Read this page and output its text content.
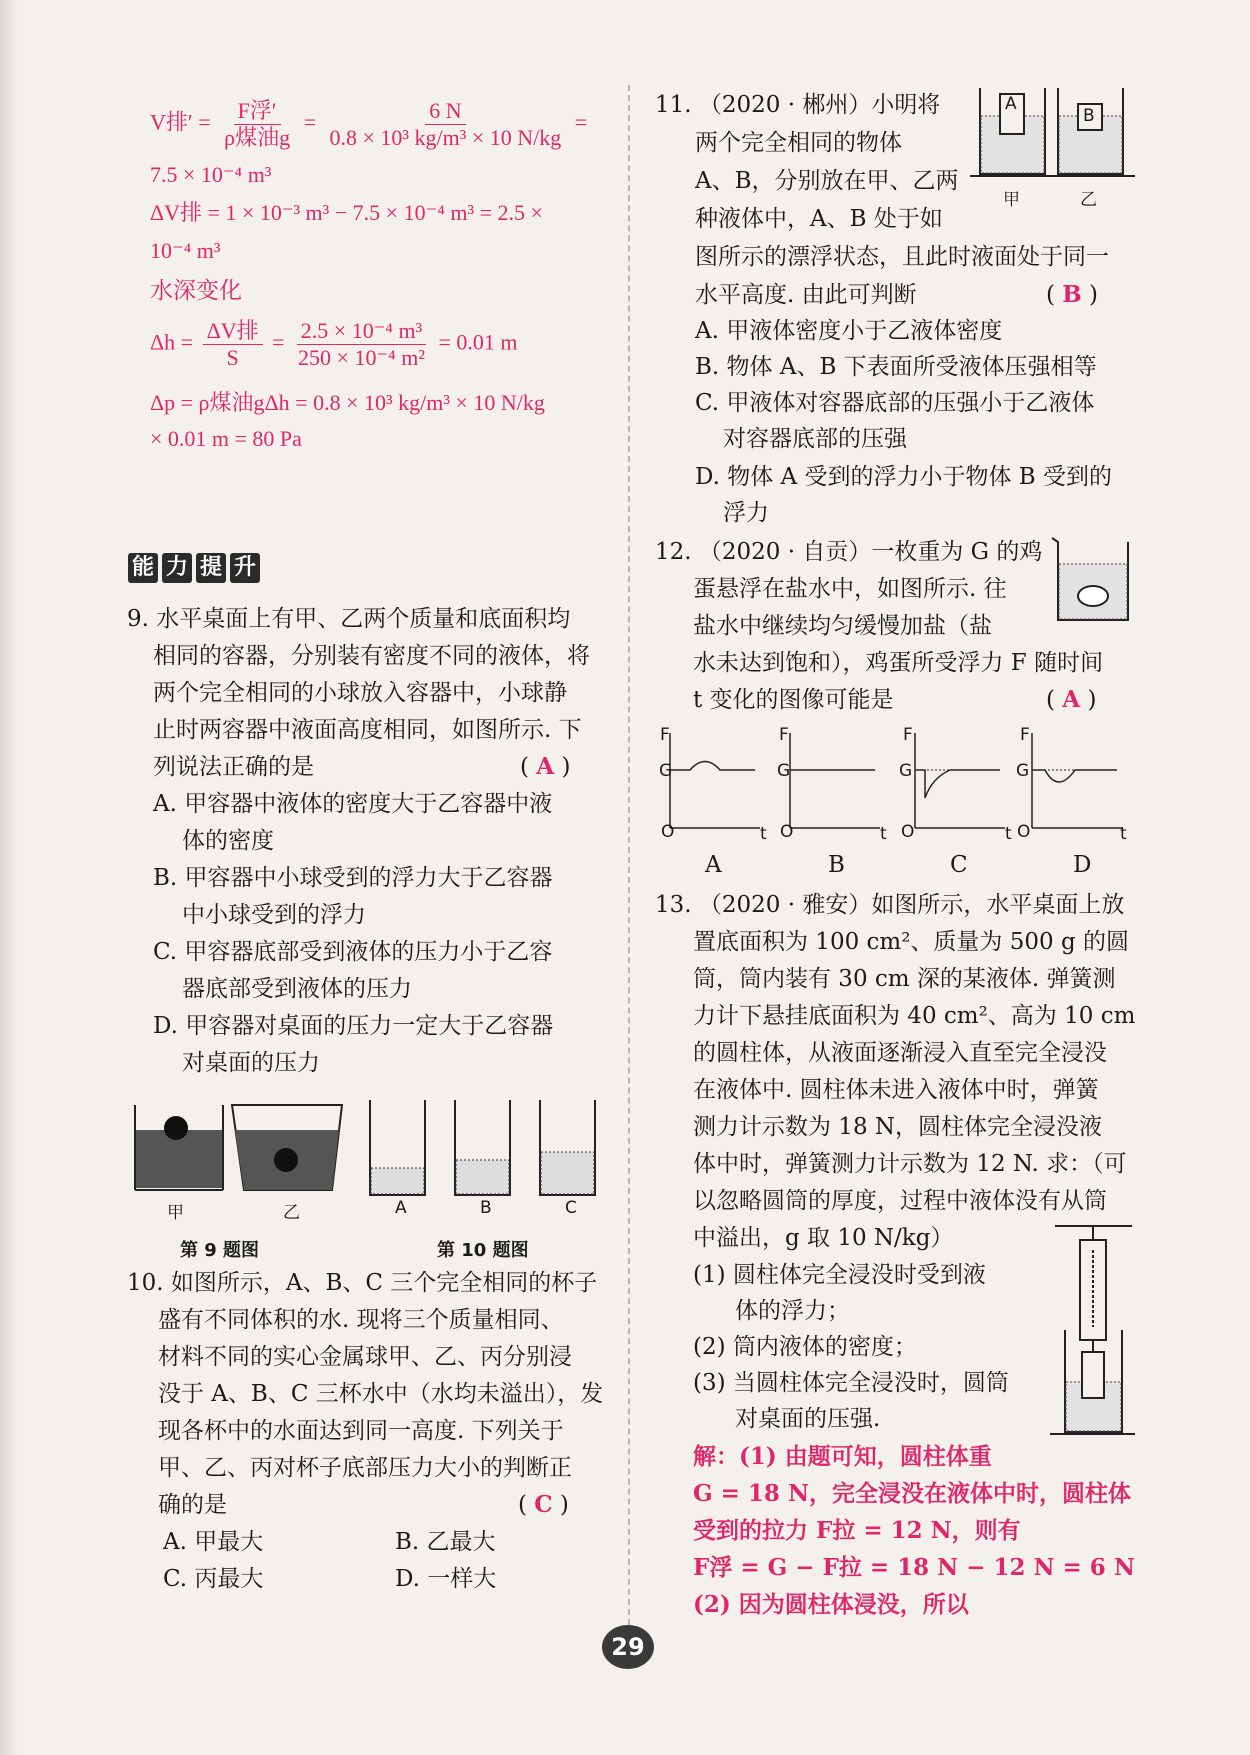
V排′ = $\frac{\text{F浮′}}{\text{ρ煤油g}} = \frac{6 N}{\text{0.8 × 10³ kg/m³ × 10 N/kg}}$ =
7.5 × 10⁻⁴ m³
ΔV排 = 1 × 10⁻³ m³ − 7.5 × 10⁻⁴ m³ = 2.5 ×
10⁻⁴ m³
水深变化
$\Delta h = \frac{\text{ΔV排}}{S} = \frac{\text{2.5 × 10⁻⁴ m³}}{\text{250 × 10⁻⁴ m²}} = 0.01$ m
Δp = ρ煤油gΔh = 0.8 × 10³ kg/m³ × 10 N/kg
× 0.01 m = 80 Pa
能 力 提 升
9. 水平桌面上有甲、乙两个质量和底面积均
相同的容器，分别装有密度不同的液体，将
两个完全相同的小球放入容器中，小球静
止时两容器中液面高度相同，如图所示. 下
列说法正确的是	( A )
A. 甲容器中液体的密度大于乙容器中液
体的密度
B. 甲容器中小球受到的浮力大于乙容器
中小球受到的浮力
C. 甲容器底部受到液体的压力小于乙容
器底部受到液体的压力
D. 甲容器对桌面的压力一定大于乙容器
对桌面的压力
甲	乙	A	B	C
第 9 题图	第 10 题图
10. 如图所示，A、B、C 三个完全相同的杯子
盛有不同体积的水. 现将三个质量相同、
材料不同的实心金属球甲、乙、丙分别浸
没于 A、B、C 三杯水中（水均未溢出），发
现各杯中的水面达到同一高度. 下列关于
甲、乙、丙对杯子底部压力大小的判断正
确的是	( C )
A. 甲最大	B. 乙最大
C. 丙最大	D. 一样大
11. （2020 · 郴州）小明将
两个完全相同的物体
A、B，分别放在甲、乙两
种液体中，A、B 处于如
图所示的漂浮状态，且此时液面处于同一
水平高度. 由此可判断	( B )
A. 甲液体密度小于乙液体密度
B. 物体 A、B 下表面所受液体压强相等
C. 甲液体对容器底部的压强小于乙液体
对容器底部的压强
D. 物体 A 受到的浮力小于物体 B 受到的
浮力
A
B
甲	乙
12. （2020 · 自贡）一枚重为 G 的鸡
蛋悬浮在盐水中，如图所示. 往
盐水中继续均匀缓慢加盐（盐
水未达到饱和），鸡蛋所受浮力 F 随时间
t 变化的图像可能是	( A )
F	F	F	F
G	G	G	G
O	O	O	O
t	t	t	t
A	B	C	D
13. （2020 · 雅安）如图所示，水平桌面上放
置底面积为 100 cm²、质量为 500 g 的圆
筒，筒内装有 30 cm 深的某液体. 弹簧测
力计下悬挂底面积为 40 cm²、高为 10 cm
的圆柱体，从液面逐渐浸入直至完全浸没
在液体中. 圆柱体未进入液体中时，弹簧
测力计示数为 18 N，圆柱体完全浸没液
体中时，弹簧测力计示数为 12 N. 求：（可
以忽略圆筒的厚度，过程中液体没有从筒
中溢出，g 取 10 N/kg）
(1) 圆柱体完全浸没时受到液
体的浮力；
(2) 筒内液体的密度；
(3) 当圆柱体完全浸没时，圆筒
对桌面的压强.
解：(1) 由题可知，圆柱体重
G = 18 N，完全浸没在液体中时，圆柱体
受到的拉力 F拉 = 12 N，则有
F浮 = G − F拉 = 18 N − 12 N = 6 N
(2) 因为圆柱体浸没，所以
29
